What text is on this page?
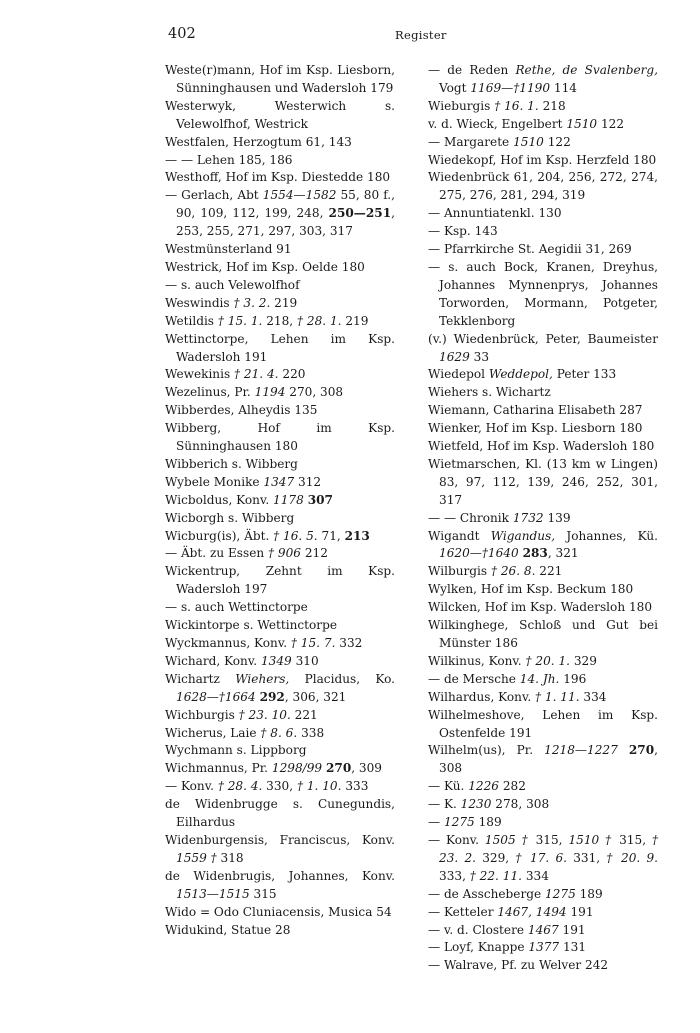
402	Register
Weste(r)mann, Hof im Ksp. Liesborn, Sünninghausen und Wadersloh 179
Westerwyk, Westerwich s. Velewolfhof, Westrick
Westfalen, Herzogtum 61, 143
— — Lehen 185, 186
Westhoff, Hof im Ksp. Diestedde 180
— Gerlach, Abt 1554—1582 55, 80 f., 90, 109, 112, 199, 248, 250—251, 253, 255, 271, 297, 303, 317
Westmünsterland 91
Westrick, Hof im Ksp. Oelde 180
— s. auch Velewolfhof
Weswindis † 3. 2. 219
Wetildis † 15. 1. 218, † 28. 1. 219
Wettinctorpe, Lehen im Ksp. Wadersloh 191
Wewekinis † 21. 4. 220
Wezelinus, Pr. 1194 270, 308
Wibberdes, Alheydis 135
Wibberg, Hof im Ksp. Sünninghausen 180
Wibberich s. Wibberg
Wybele Monike 1347 312
Wicboldus, Konv. 1178 307
Wicborgh s. Wibberg
Wicburg(is), Äbt. † 16. 5. 71, 213
— Äbt. zu Essen † 906 212
Wickentrup, Zehnt im Ksp. Wadersloh 197
— s. auch Wettinctorpe
Wickintorpe s. Wettinctorpe
Wyckmannus, Konv. † 15. 7. 332
Wichard, Konv. 1349 310
Wichartz Wiehers, Placidus, Ko. 1628—†1664 292, 306, 321
Wichburgis † 23. 10. 221
Wicherus, Laie † 8. 6. 338
Wychmann s. Lippborg
Wichmannus, Pr. 1298/99 270, 309
— Konv. † 28. 4. 330, † 1. 10. 333
de Widenbrugge s. Cunegundis, Eilhardus
Widenburgensis, Franciscus, Konv. 1559 † 318
de Widenbrugis, Johannes, Konv. 1513—1515 315
Wido = Odo Cluniacensis, Musica 54
Widukind, Statue 28
— de Reden Rethe, de Svalenberg, Vogt 1169—†1190 114
Wieburgis † 16. 1. 218
v. d. Wieck, Engelbert 1510 122
— Margarete 1510 122
Wiedekopf, Hof im Ksp. Herzfeld 180
Wiedenbrück 61, 204, 256, 272, 274, 275, 276, 281, 294, 319
— Annuntiatenkl. 130
— Ksp. 143
— Pfarrkirche St. Aegidii 31, 269
— s. auch Bock, Kranen, Dreyhus, Johannes Mynnenprys, Johannes Torworden, Mormann, Potgeter, Tekklenborg
(v.) Wiedenbrück, Peter, Baumeister 1629 33
Wiedepol Weddepol, Peter 133
Wiehers s. Wichartz
Wiemann, Catharina Elisabeth 287
Wienker, Hof im Ksp. Liesborn 180
Wietfeld, Hof im Ksp. Wadersloh 180
Wietmarschen, Kl. (13 km w Lingen) 83, 97, 112, 139, 246, 252, 301, 317
— — Chronik 1732 139
Wigandt Wigandus, Johannes, Kü. 1620—†1640 283, 321
Wilburgis † 26. 8. 221
Wylken, Hof im Ksp. Beckum 180
Wilcken, Hof im Ksp. Wadersloh 180
Wilkinghege, Schloß und Gut bei Münster 186
Wilkinus, Konv. † 20. 1. 329
— de Mersche 14. Jh. 196
Wilhardus, Konv. † 1. 11. 334
Wilhelmeshove, Lehen im Ksp. Ostenfelde 191
Wilhelm(us), Pr. 1218—1227 270, 308
— Kü. 1226 282
— K. 1230 278, 308
— 1275 189
— Konv. 1505 † 315, 1510 † 315, † 23. 2. 329, † 17. 6. 331, † 20. 9. 333, † 22. 11. 334
— de Asscheberge 1275 189
— Ketteler 1467, 1494 191
— v. d. Clostere 1467 191
— Loyf, Knappe 1377 131
— Walrave, Pf. zu Welver 242
